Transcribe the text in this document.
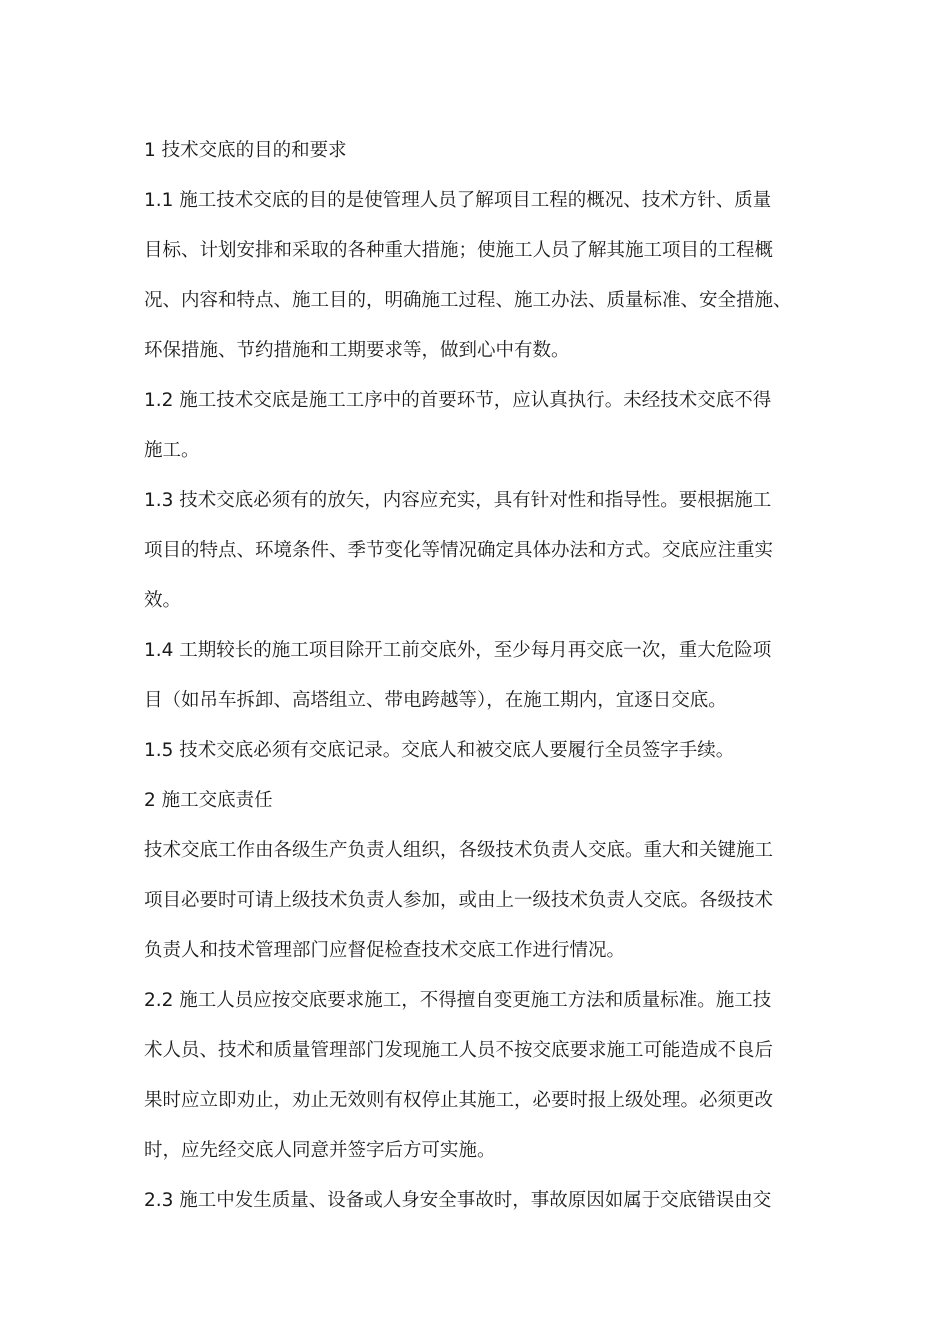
1 技术交底的目的和要求
1.1 施工技术交底的目的是使管理人员了解项目工程的概况、技术方针、质量
目标、计划安排和采取的各种重大措施；使施工人员了解其施工项目的工程概
况、内容和特点、施工目的，明确施工过程、施工办法、质量标准、安全措施、
环保措施、节约措施和工期要求等，做到心中有数。
1.2 施工技术交底是施工工序中的首要环节，应认真执行。未经技术交底不得
施工。
1.3 技术交底必须有的放矢，内容应充实，具有针对性和指导性。要根据施工
项目的特点、环境条件、季节变化等情况确定具体办法和方式。交底应注重实
效。
1.4 工期较长的施工项目除开工前交底外，至少每月再交底一次，重大危险项
目（如吊车拆卸、高塔组立、带电跨越等），在施工期内，宜逐日交底。
1.5 技术交底必须有交底记录。交底人和被交底人要履行全员签字手续。
2 施工交底责任
技术交底工作由各级生产负责人组织，各级技术负责人交底。重大和关键施工
项目必要时可请上级技术负责人参加，或由上一级技术负责人交底。各级技术
负责人和技术管理部门应督促检查技术交底工作进行情况。
2.2 施工人员应按交底要求施工，不得擅自变更施工方法和质量标准。施工技
术人员、技术和质量管理部门发现施工人员不按交底要求施工可能造成不良后
果时应立即劝止，劝止无效则有权停止其施工，必要时报上级处理。必须更改
时，应先经交底人同意并签字后方可实施。
2.3 施工中发生质量、设备或人身安全事故时，事故原因如属于交底错误由交
